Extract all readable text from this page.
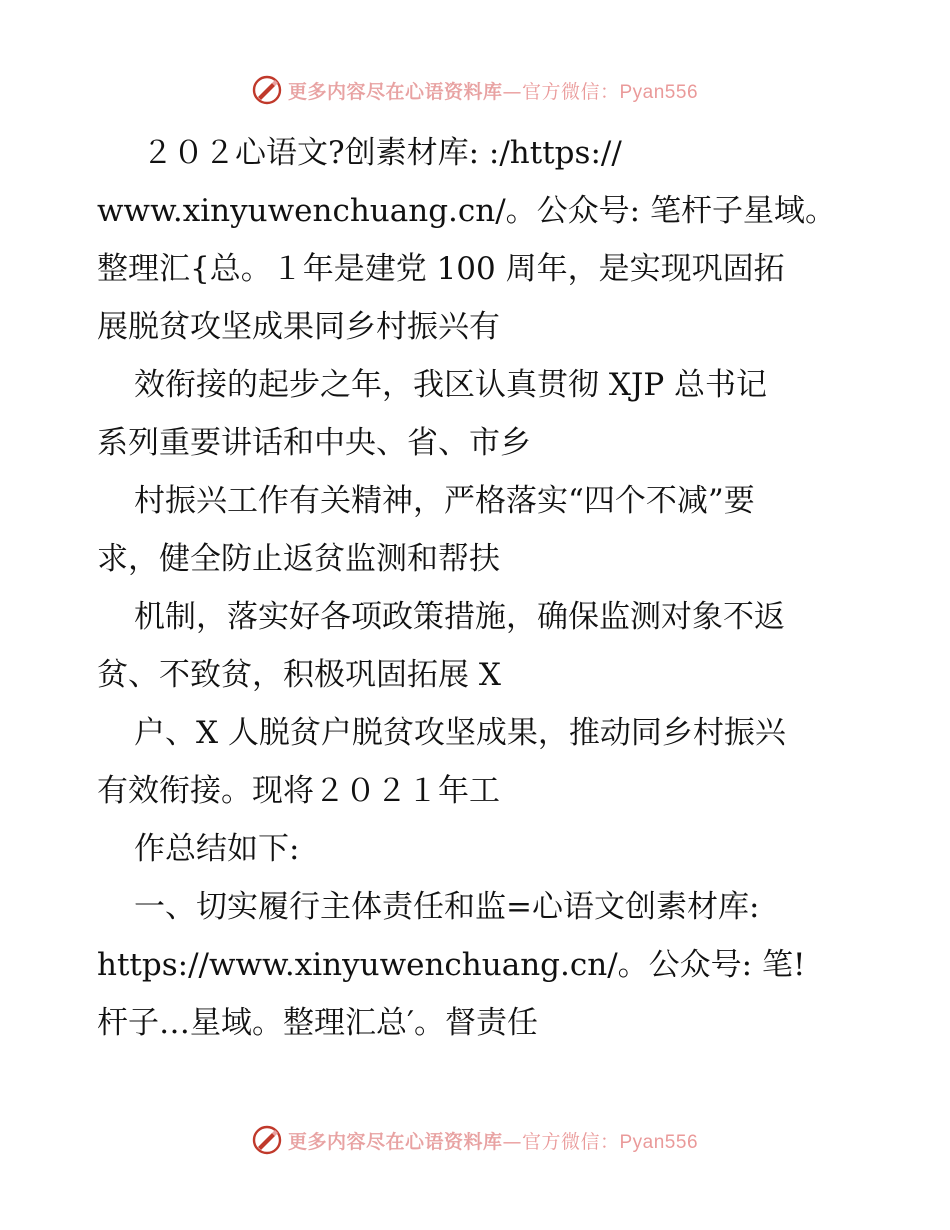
更多内容尽在心语资料库—官方微信：Pyan556
２０２心语文?创素材库: :/https://
www.xinyuwenchuang.cn/。公众号: 笔杆子星域。
整理汇{总。１年是建党 100 周年，是实现巩固拓
展脱贫攻坚成果同乡村振兴有
效衔接的起步之年，我区认真贯彻 XJP 总书记
系列重要讲话和中央、省、市乡
村振兴工作有关精神，严格落实“四个不减”要
求，健全防止返贫监测和帮扶
机制，落实好各项政策措施，确保监测对象不返
贫、不致贫，积极巩固拓展 X
户、X 人脱贫户脱贫攻坚成果，推动同乡村振兴
有效衔接。现将２０２１年工
作总结如下:
一、切实履行主体责任和监=心语文创素材库:
https://www.xinyuwenchuang.cn/。公众号: 笔!
杆子…星域。整理汇总′。督责任
更多内容尽在心语资料库—官方微信：Pyan556
